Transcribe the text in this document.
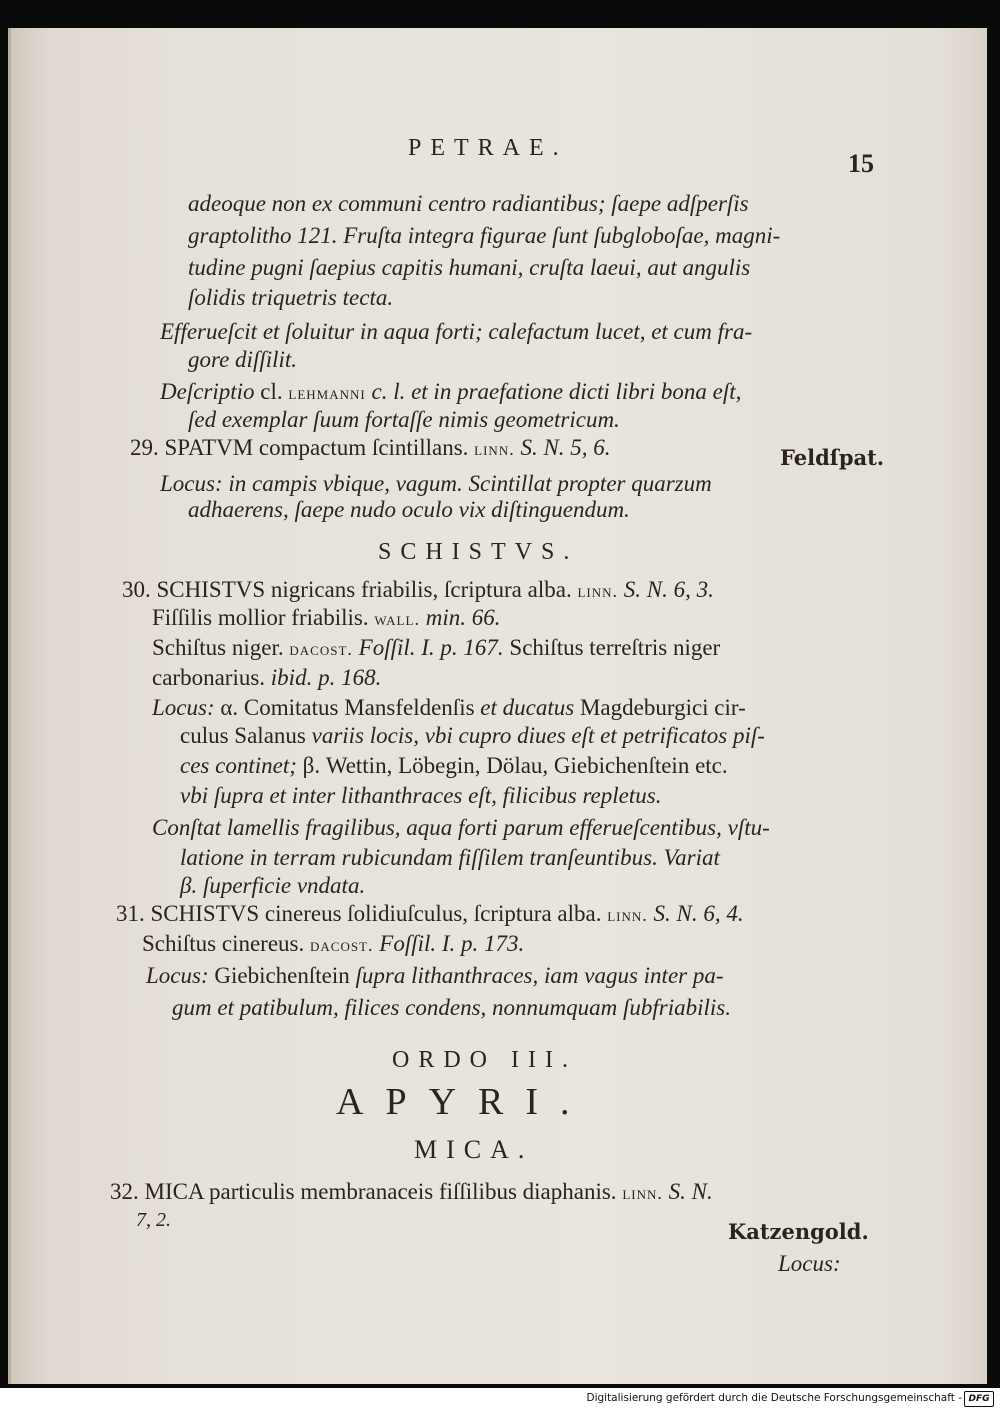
PETRAE.
15
adeoque non ex communi centro radiantibus; ſaepe adſperſis
graptolitho 121. Fruſta integra figurae ſunt ſubgloboſae, magni-
tudine pugni ſaepius capitis humani, cruſta laeui, aut angulis
ſolidis triquetris tecta.
Efferueſcit et ſoluitur in aqua forti; calefactum lucet, et cum fra-
gore diſſilit.
Deſcriptio cl. lehmanni c. l. et in praefatione dicti libri bona eſt,
ſed exemplar ſuum fortaſſe nimis geometricum.
29. SPATVM compactum ſcintillans. linn. S. N. 5, 6.	Feldſpat.
Locus: in campis vbique, vagum. Scintillat propter quarzum
adhaerens, ſaepe nudo oculo vix diſtinguendum.
SCHISTVS.
30. SCHISTVS nigricans friabilis, ſcriptura alba. linn. S. N. 6, 3.
Fiſſilis mollior friabilis. wall. min. 66.
Schiſtus niger. dacost. Foſſil. I. p. 167. Schiſtus terreſtris niger
carbonarius. ibid. p. 168.
Locus: α. Comitatus Mansfeldenſis et ducatus Magdeburgici cir-
culus Salanus variis locis, vbi cupro diues eſt et petrificatos piſ-
ces continet; β. Wettin, Löbegin, Dölau, Giebichenſtein etc.
vbi ſupra et inter lithanthraces eſt, filicibus repletus.
Conſtat lamellis fragilibus, aqua forti parum efferueſcentibus, vſtu-
latione in terram rubicundam fiſſilem tranſeuntibus. Variat
β. ſuperficie vndata.
31. SCHISTVS cinereus ſolidiuſculus, ſcriptura alba. linn. S. N. 6, 4.
Schiſtus cinereus. dacost. Foſſil. I. p. 173.
Locus: Giebichenſtein ſupra lithanthraces, iam vagus inter pa-
gum et patibulum, filices condens, nonnumquam ſubfriabilis.
ORDO III.
APYRI.
MICA.
32. MICA particulis membranaceis fiſſilibus diaphanis. linn. S. N.
7, 2.	Katzengold.
Locus:
Digitalisierung gefördert durch die Deutsche Forschungsgemeinschaft - DFG
